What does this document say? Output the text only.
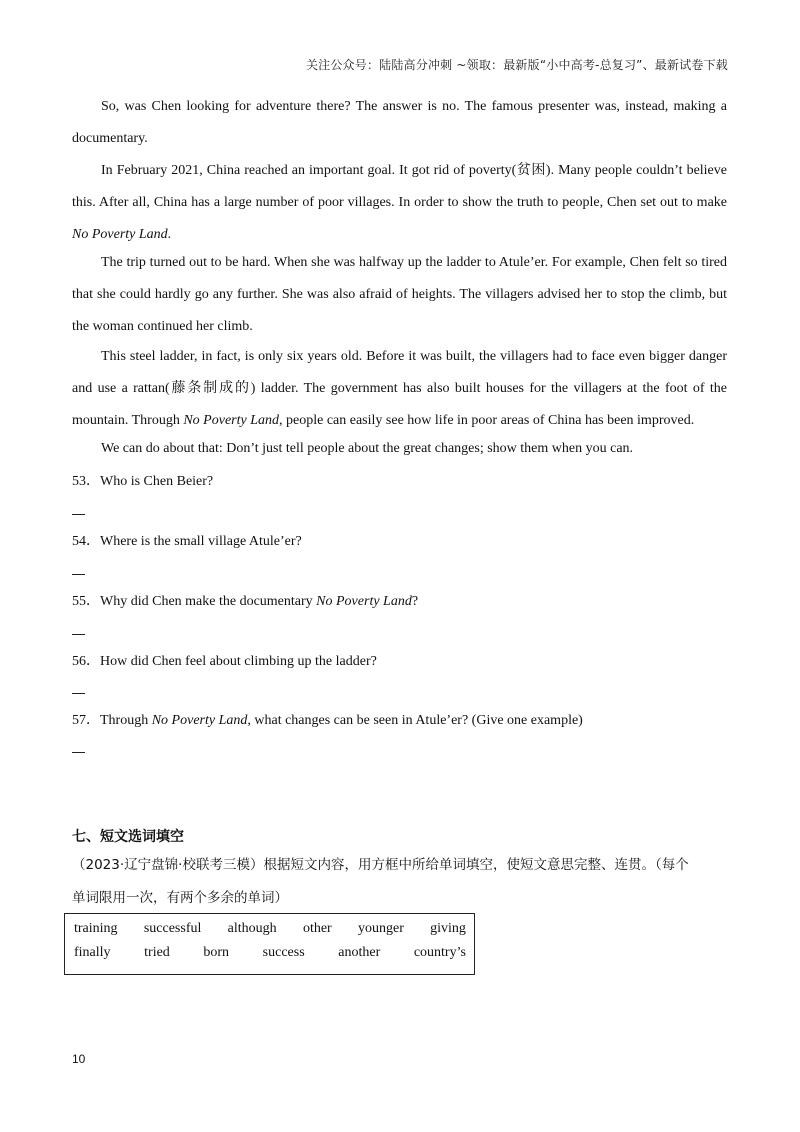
关注公众号：陆陆高分冲刺 ~领取：最新版“小中高考-总复习”、最新试卷下载
So, was Chen looking for adventure there? The answer is no. The famous presenter was, instead, making a documentary.
In February 2021, China reached an important goal. It got rid of poverty(贫困). Many people couldn’t believe this. After all, China has a large number of poor villages. In order to show the truth to people, Chen set out to make No Poverty Land.
The trip turned out to be hard. When she was halfway up the ladder to Atule’er. For example, Chen felt so tired that she could hardly go any further. She was also afraid of heights. The villagers advised her to stop the climb, but the woman continued her climb.
This steel ladder, in fact, is only six years old. Before it was built, the villagers had to face even bigger danger and use a rattan(藤条制成的) ladder. The government has also built houses for the villagers at the foot of the mountain. Through No Poverty Land, people can easily see how life in poor areas of China has been improved.
We can do about that: Don’t just tell people about the great changes; show them when you can.
53．Who is Chen Beier?
54．Where is the small village Atule’er?
55．Why did Chen make the documentary No Poverty Land?
56．How did Chen feel about climbing up the ladder?
57．Through No Poverty Land, what changes can be seen in Atule’er? (Give one example)
七、短文选词填空
（2023·辽宁盘锦·校联考三模）根据短文内容，用方框中所给单词填空，使短文意思完整、连贯。（每个
单词限用一次，有两个多余的单词）
training successful although other younger giving
finally tried born success another country’s
10
